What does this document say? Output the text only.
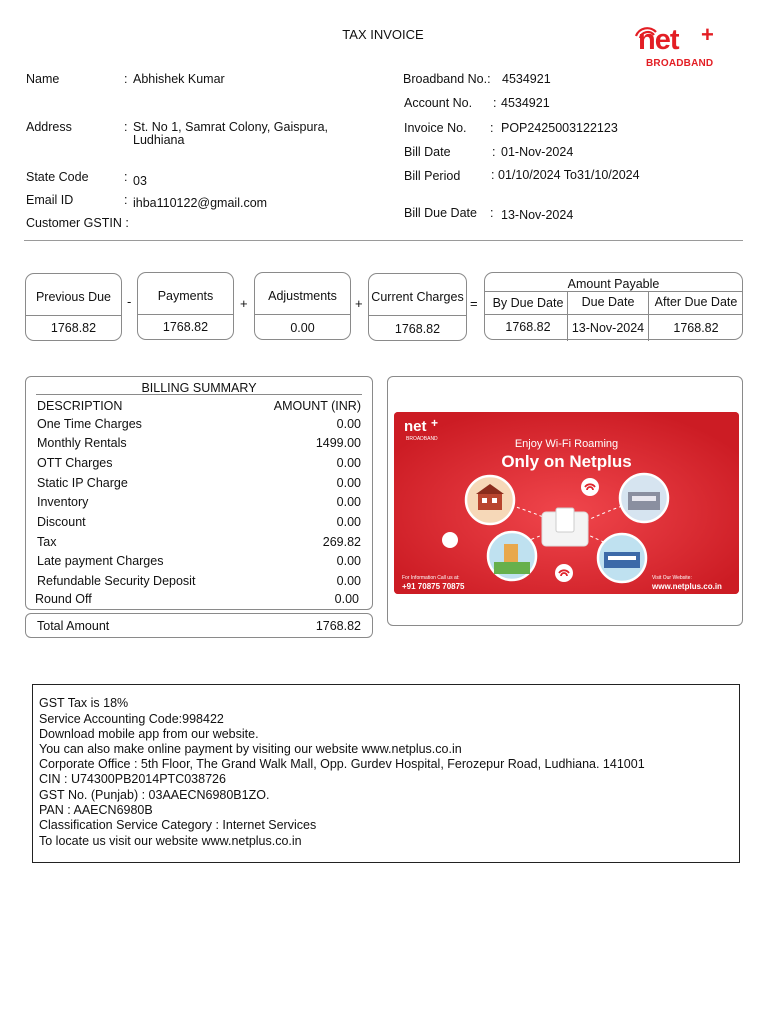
TAX INVOICE	net +
BROADBAND
Name	: Abhishek Kumar
Address	: St. No 1, Samrat Colony, Gaispura,
Ludhiana
State Code	: 03
Email ID	: ihba110122@gmail.com
Customer GSTIN :
Broadband No.: 4534921
Account No. : 4534921
Invoice No. : POP2425003122123
Bill Date	: 01-Nov-2024
Bill Period : 01/10/2024 To31/10/2024
Bill Due Date : 13-Nov-2024
Previous Due
1768.82
-	Payments
1768.82
+	Adjustments
0.00
+ Current Charges
1768.82
=
Amount Payable
By Due Date	Due Date	After Due Date
1768.82	13-Nov-2024	1768.82
BILLING SUMMARY
DESCRIPTION	AMOUNT (INR)
One Time Charges	0.00
Monthly Rentals	1499.00
OTT Charges	0.00
Static IP Charge	0.00
Inventory	0.00
Discount	0.00
Tax	269.82
Late payment Charges	0.00
Refundable Security Deposit	0.00
Round Off	0.00
Total Amount	1768.82
net +
BROADBAND	Enjoy Wi-Fi Roaming
Only on Netplus
For Information Call us at:
+91 70875 70875
Visit Our Website:
www.netplus.co.in
GST Tax is 18%
Service Accounting Code:998422
Download mobile app from our website.
You can also make online payment by visiting our website www.netplus.co.in
Corporate Office : 5th Floor, The Grand Walk Mall, Opp. Gurdev Hospital, Ferozepur Road, Ludhiana. 141001
CIN : U74300PB2014PTC038726
GST No. (Punjab) : 03AAECN6980B1ZO.
PAN : AAECN6980B
Classification Service Category : Internet Services
To locate us visit our website www.netplus.co.in
